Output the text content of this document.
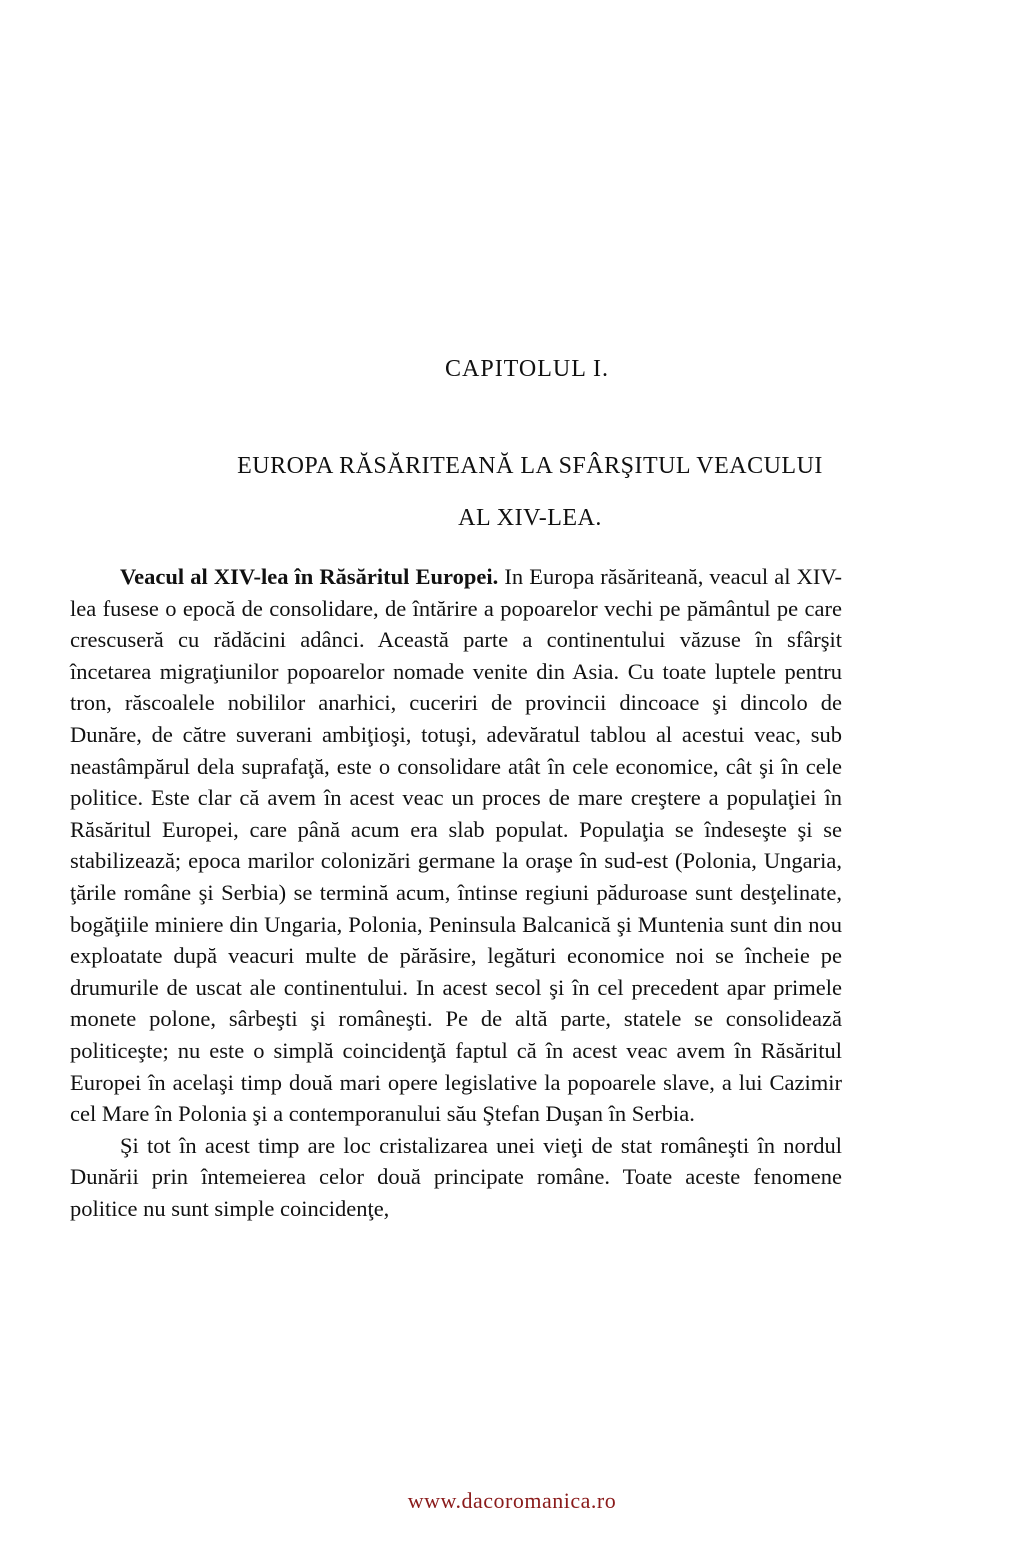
CAPITOLUL I.
EUROPA RĂSĂRITEANĂ LA SFÂRŞITUL VEACULUI
AL XIV-LEA.

Veacul al XIV-lea în Răsăritul Europei. In Europa răsăriteană, veacul al XIV-lea fusese o epocă de consolidare, de întărire a popoarelor vechi pe pământul pe care crescuseră cu rădăcini adânci. Această parte a continentului văzuse în sfârşit încetarea migraţiunilor popoarelor nomade venite din Asia. Cu toate luptele pentru tron, răscoalele nobililor anarhici, cuceriri de provincii dincoace şi dincolo de Dunăre, de către suverani ambiţioşi, totuşi, adevăratul tablou al acestui veac, sub neastâmpărul dela suprafaţă, este o consolidare atât în cele economice, cât şi în cele politice. Este clar că avem în acest veac un proces de mare creştere a populaţiei în Răsăritul Europei, care până acum era slab populat. Populaţia se îndeseşte şi se stabilizează; epoca marilor colonizări germane la oraşe în sud-est (Polonia, Ungaria, ţările române şi Serbia) se termină acum, întinse regiuni păduroase sunt desţelinate, bogăţiile miniere din Ungaria, Polonia, Peninsula Balcanică şi Muntenia sunt din nou exploatate după veacuri multe de părăsire, legături economice noi se încheie pe drumurile de uscat ale continentului. In acest secol şi în cel precedent apar primele monete polone, sârbeşti şi româneşti. Pe de altă parte, statele se consolidează politiceşte; nu este o simplă coincidenţă faptul că în acest veac avem în Răsăritul Europei în acelaşi timp două mari opere legislative la popoarele slave, a lui Cazimir cel Mare în Polonia şi a contemporanului său Ştefan Duşan în Serbia.

Şi tot în acest timp are loc cristalizarea unei vieţi de stat româneşti în nordul Dunării prin întemeierea celor două principate române. Toate aceste fenomene politice nu sunt simple coincidenţe,

www.dacoromanica.ro
